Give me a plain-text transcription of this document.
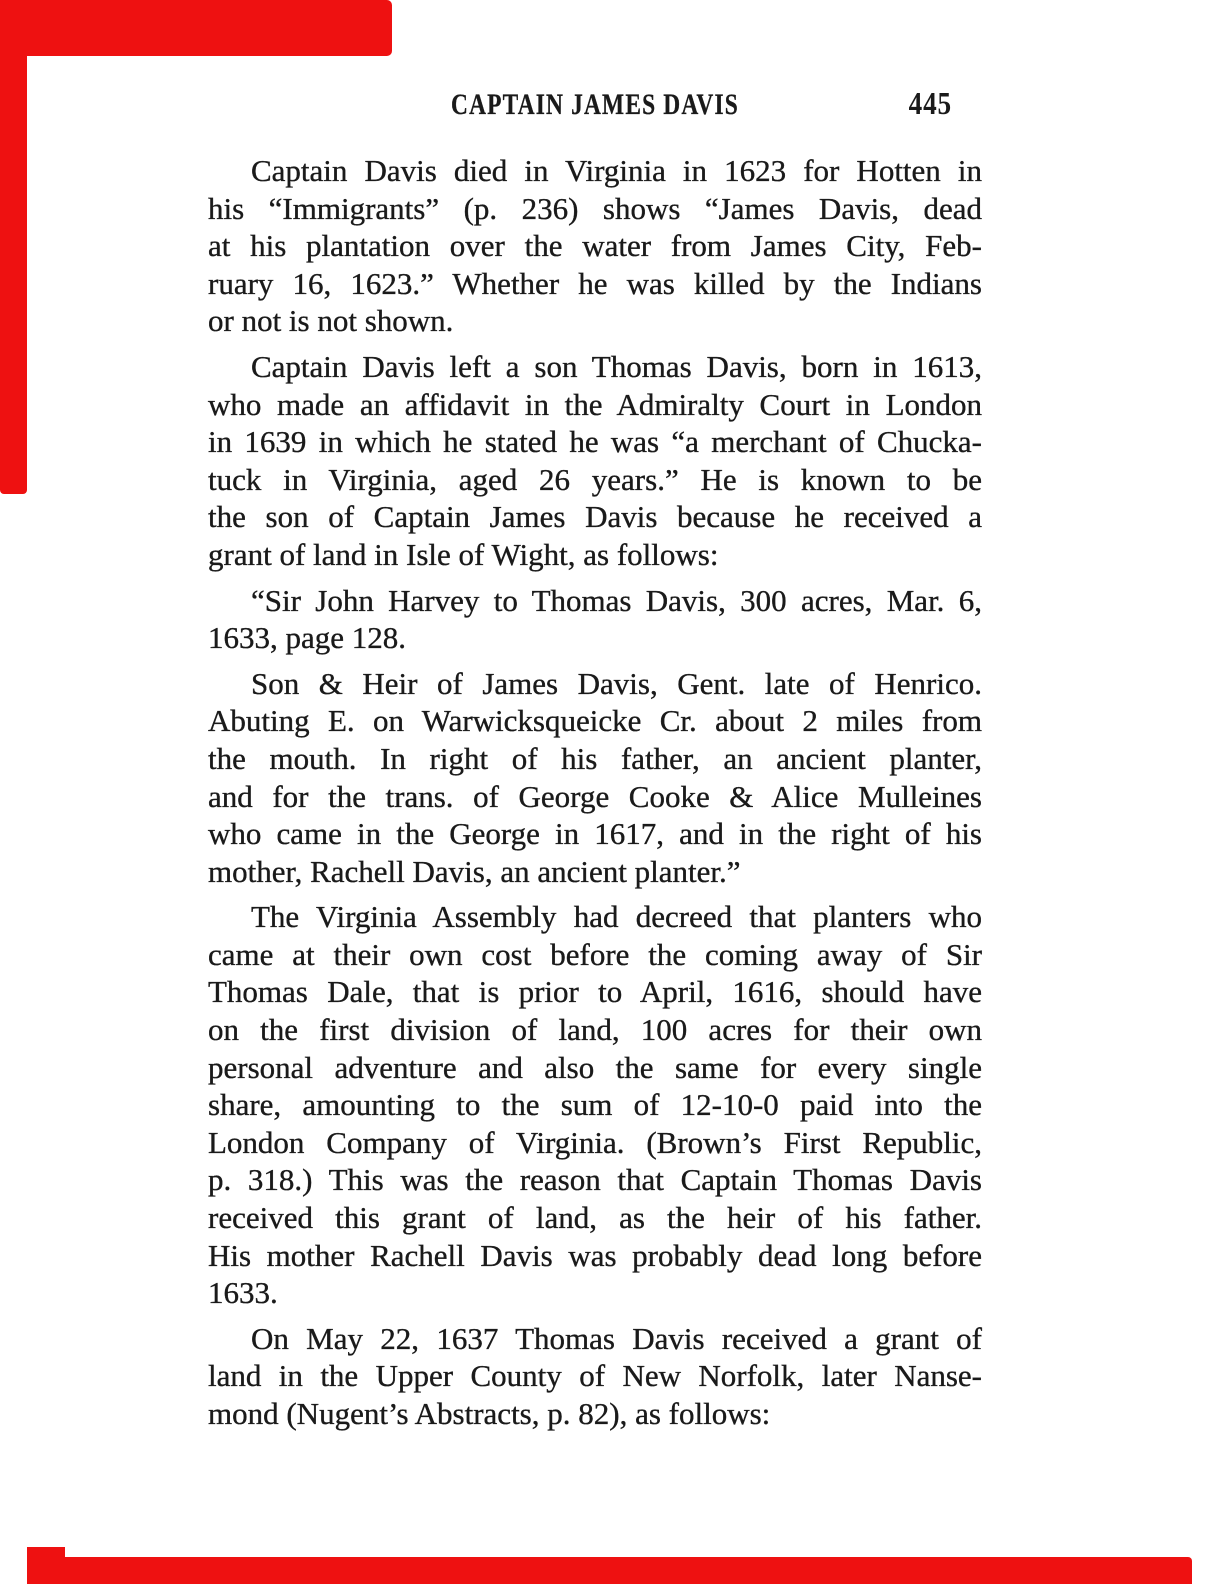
CAPTAIN JAMES DAVIS	445
Captain Davis died in Virginia in 1623 for Hotten in
his “Immigrants” (p. 236) shows “James Davis, dead
at his plantation over the water from James City, Feb-
ruary 16, 1623.” Whether he was killed by the Indians
or not is not shown.
Captain Davis left a son Thomas Davis, born in 1613,
who made an affidavit in the Admiralty Court in London
in 1639 in which he stated he was “a merchant of Chucka-
tuck in Virginia, aged 26 years.” He is known to be
the son of Captain James Davis because he received a
grant of land in Isle of Wight, as follows:
“Sir John Harvey to Thomas Davis, 300 acres, Mar. 6,
1633, page 128.
Son & Heir of James Davis, Gent. late of Henrico.
Abuting E. on Warwicksqueicke Cr. about 2 miles from
the mouth. In right of his father, an ancient planter,
and for the trans. of George Cooke & Alice Mulleines
who came in the George in 1617, and in the right of his
mother, Rachell Davis, an ancient planter.”
The Virginia Assembly had decreed that planters who
came at their own cost before the coming away of Sir
Thomas Dale, that is prior to April, 1616, should have
on the first division of land, 100 acres for their own
personal adventure and also the same for every single
share, amounting to the sum of 12-10-0 paid into the
London Company of Virginia. (Brown’s First Republic,
p. 318.) This was the reason that Captain Thomas Davis
received this grant of land, as the heir of his father.
His mother Rachell Davis was probably dead long before
1633.
On May 22, 1637 Thomas Davis received a grant of
land in the Upper County of New Norfolk, later Nanse-
mond (Nugent’s Abstracts, p. 82), as follows:
